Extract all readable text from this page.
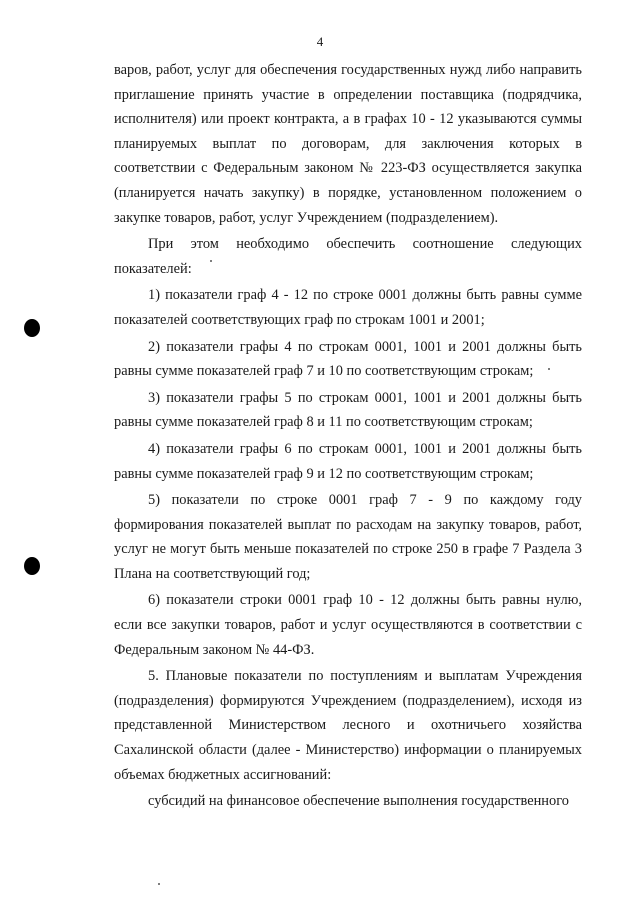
4

варов, работ, услуг для обеспечения государственных нужд либо направить приглашение принять участие в определении поставщика (подрядчика, исполнителя) или проект контракта, а в графах 10 - 12 указываются суммы планируемых выплат по договорам, для заключения которых в соответствии с Федеральным законом № 223-ФЗ осуществляется закупка (планируется начать закупку) в порядке, установленном положением о закупке товаров, работ, услуг Учреждением (подразделением).

При этом необходимо обеспечить соотношение следующих показателей:

1) показатели граф 4 - 12 по строке 0001 должны быть равны сумме показателей соответствующих граф по строкам 1001 и 2001;

2) показатели графы 4 по строкам 0001, 1001 и 2001 должны быть равны сумме показателей граф 7 и 10 по соответствующим строкам;

3) показатели графы 5 по строкам 0001, 1001 и 2001 должны быть равны сумме показателей граф 8 и 11 по соответствующим строкам;

4) показатели графы 6 по строкам 0001, 1001 и 2001 должны быть равны сумме показателей граф 9 и 12 по соответствующим строкам;

5) показатели по строке 0001 граф 7 - 9 по каждому году формирования показателей выплат по расходам на закупку товаров, работ, услуг не могут быть меньше показателей по строке 250 в графе 7 Раздела 3 Плана на соответствующий год;

6) показатели строки 0001 граф 10 - 12 должны быть равны нулю, если все закупки товаров, работ и услуг осуществляются в соответствии с Федеральным законом № 44-ФЗ.

5. Плановые показатели по поступлениям и выплатам Учреждения (подразделения) формируются Учреждением (подразделением), исходя из представленной Министерством лесного и охотничьего хозяйства Сахалинской области (далее - Министерство) информации о планируемых объемах бюджетных ассигнований:

субсидий на финансовое обеспечение выполнения государственного
